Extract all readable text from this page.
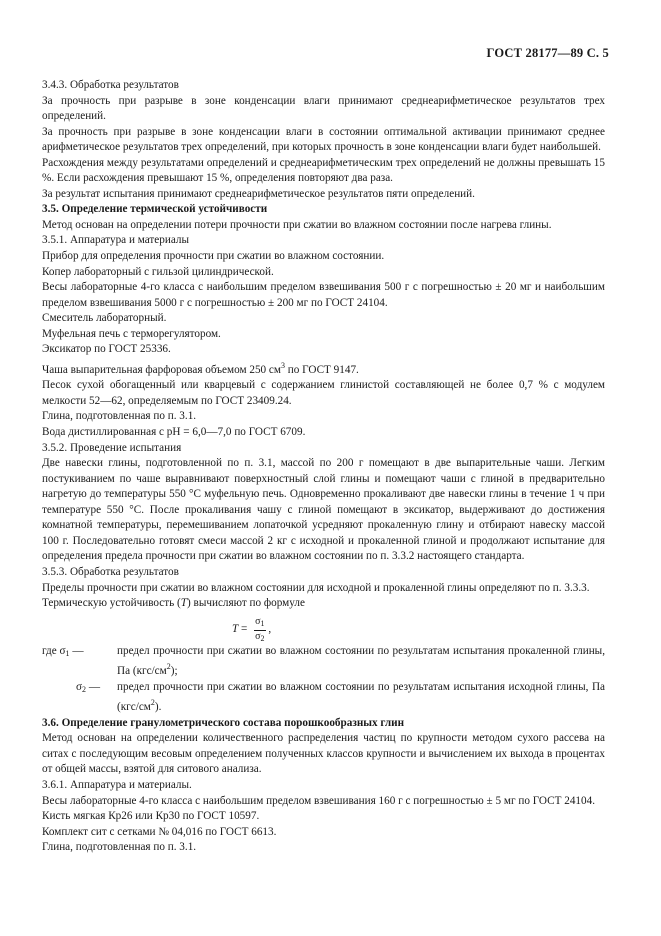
ГОСТ 28177—89 С. 5

3.4.3. Обработка результатов

За прочность при разрыве в зоне конденсации влаги принимают среднеарифметическое результатов трех определений.

За прочность при разрыве в зоне конденсации влаги в состоянии оптимальной активации принимают среднее арифметическое результатов трех определений, при которых прочность в зоне конденсации влаги будет наибольшей.

Расхождения между результатами определений и среднеарифметическим трех определений не должны превышать 15 %. Если расхождения превышают 15 %, определения повторяют два раза.

За результат испытания принимают среднеарифметическое результатов пяти определений.

3.5. Определение термической устойчивости

Метод основан на определении потери прочности при сжатии во влажном состоянии после нагрева глины.

3.5.1. Аппаратура и материалы

Прибор для определения прочности при сжатии во влажном состоянии.

Копер лабораторный с гильзой цилиндрической.

Весы лабораторные 4-го класса с наибольшим пределом взвешивания 500 г с погрешностью ± 20 мг и наибольшим пределом взвешивания 5000 г с погрешностью ± 200 мг по ГОСТ 24104.

Смеситель лабораторный.

Муфельная печь с терморегулятором.

Эксикатор по ГОСТ 25336.

Чаша выпарительная фарфоровая объемом 250 $см^3$ по ГОСТ 9147.

Песок сухой обогащенный или кварцевый с содержанием глинистой составляющей не более 0,7 % с модулем мелкости 52—62, определяемым по ГОСТ 23409.24.

Глина, подготовленная по п. 3.1.

Вода дистиллированная с pH = 6,0—7,0 по ГОСТ 6709.

3.5.2. Проведение испытания

Две навески глины, подготовленной по п. 3.1, массой по 200 г помещают в две выпарительные чаши. Легким постукиванием по чаше выравнивают поверхностный слой глины и помещают чаши с глиной в предварительно нагретую до температуры 550 °C муфельную печь. Одновременно прокаливают две навески глины в течение 1 ч при температуре 550 °C. После прокаливания чашу с глиной помещают в эксикатор, выдерживают до достижения комнатной температуры, перемешиванием лопаточкой усредняют прокаленную глину и отбирают навеску массой 100 г. Последовательно готовят смеси массой 2 кг с исходной и прокаленной глиной и продолжают испытание для определения предела прочности при сжатии во влажном состоянии по п. 3.3.2 настоящего стандарта.

3.5.3. Обработка результатов

Пределы прочности при сжатии во влажном состоянии для исходной и прокаленной глины определяют по п. 3.3.3.

Термическую устойчивость (T) вычисляют по формуле

$T = \frac{\sigma_1}{\sigma_2}$ ,
где $\sigma_1$ —	предел прочности при сжатии во влажном состоянии по результатам испытания прокаленной глины, Па $(кгс/см^2)$;
$\sigma_2$ —	предел прочности при сжатии во влажном состоянии по результатам испытания исходной глины, Па $(кгс/см^2)$.

3.6. Определение гранулометрического состава порошкообразных глин

Метод основан на определении количественного распределения частиц по крупности методом сухого рассева на ситах с последующим весовым определением полученных классов крупности и вычислением их выхода в процентах от общей массы, взятой для ситового анализа.

3.6.1. Аппаратура и материалы.

Весы лабораторные 4-го класса с наибольшим пределом взвешивания 160 г с погрешностью ± 5 мг по ГОСТ 24104.

Кисть мягкая Кр26 или Кр30 по ГОСТ 10597.

Комплект сит с сетками № 04,016 по ГОСТ 6613.

Глина, подготовленная по п. 3.1.
